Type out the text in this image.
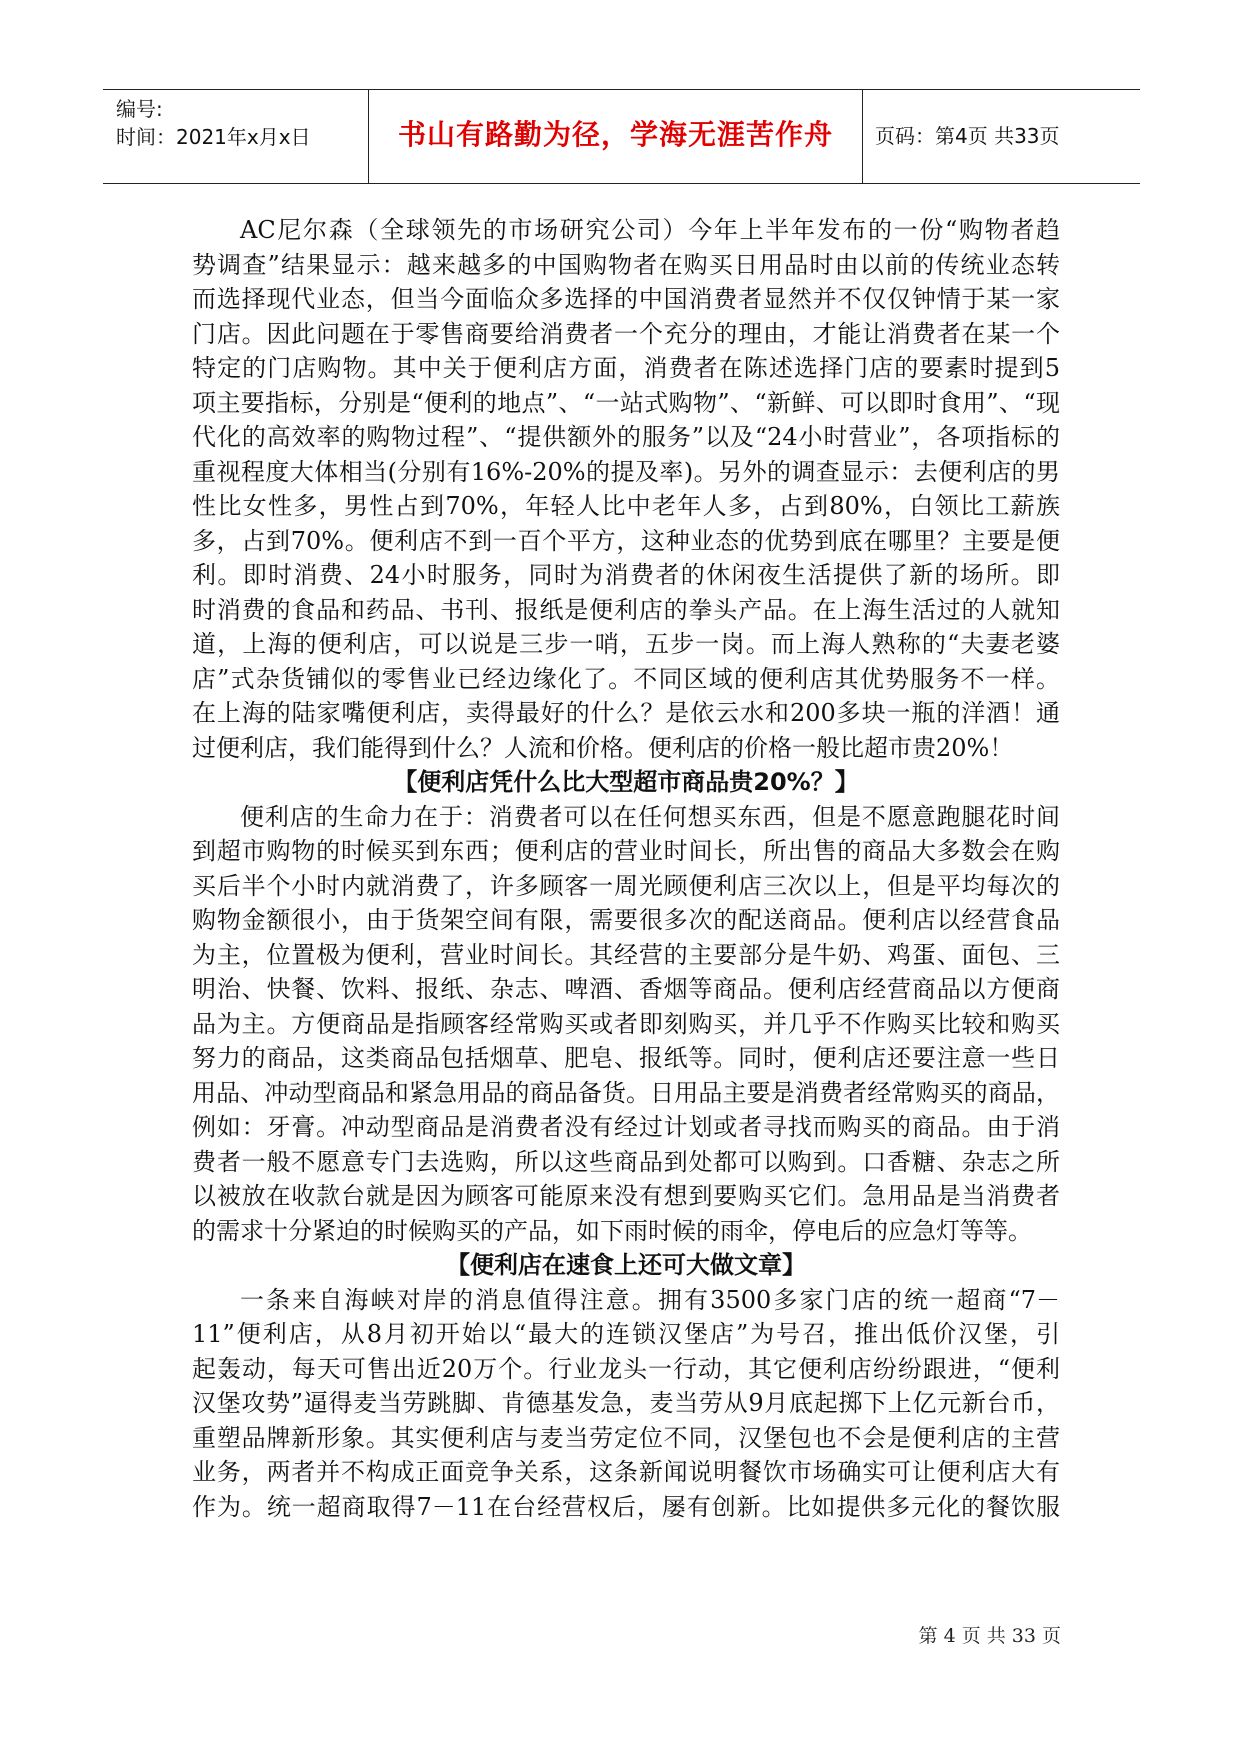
编号:
时间：2021年x月x日	书山有路勤为径，学海无涯苦作舟	页码：第4页 共33页
AC尼尔森（全球领先的市场研究公司）今年上半年发布的一份“购物者趋
势调查”结果显示：越来越多的中国购物者在购买日用品时由以前的传统业态转
而选择现代业态，但当今面临众多选择的中国消费者显然并不仅仅钟情于某一家
门店。因此问题在于零售商要给消费者一个充分的理由，才能让消费者在某一个
特定的门店购物。其中关于便利店方面，消费者在陈述选择门店的要素时提到5
项主要指标，分别是“便利的地点”、“一站式购物”、“新鲜、可以即时食用”、“现
代化的高效率的购物过程”、“提供额外的服务”以及“24小时营业”，各项指标的
重视程度大体相当(分别有16%-20%的提及率)。另外的调查显示：去便利店的男
性比女性多，男性占到70%，年轻人比中老年人多，占到80%，白领比工薪族
多，占到70%。便利店不到一百个平方，这种业态的优势到底在哪里？主要是便
利。即时消费、24小时服务，同时为消费者的休闲夜生活提供了新的场所。即
时消费的食品和药品、书刊、报纸是便利店的拳头产品。在上海生活过的人就知
道，上海的便利店，可以说是三步一哨，五步一岗。而上海人熟称的“夫妻老婆
店”式杂货铺似的零售业已经边缘化了。不同区域的便利店其优势服务不一样。
在上海的陆家嘴便利店，卖得最好的什么？是依云水和200多块一瓶的洋酒！通
过便利店，我们能得到什么？人流和价格。便利店的价格一般比超市贵20%！
【便利店凭什么比大型超市商品贵20%？】
便利店的生命力在于：消费者可以在任何想买东西，但是不愿意跑腿花时间
到超市购物的时候买到东西；便利店的营业时间长，所出售的商品大多数会在购
买后半个小时内就消费了，许多顾客一周光顾便利店三次以上，但是平均每次的
购物金额很小，由于货架空间有限，需要很多次的配送商品。便利店以经营食品
为主，位置极为便利，营业时间长。其经营的主要部分是牛奶、鸡蛋、面包、三
明治、快餐、饮料、报纸、杂志、啤酒、香烟等商品。便利店经营商品以方便商
品为主。方便商品是指顾客经常购买或者即刻购买，并几乎不作购买比较和购买
努力的商品，这类商品包括烟草、肥皂、报纸等。同时，便利店还要注意一些日
用品、冲动型商品和紧急用品的商品备货。日用品主要是消费者经常购买的商品，
例如：牙膏。冲动型商品是消费者没有经过计划或者寻找而购买的商品。由于消
费者一般不愿意专门去选购，所以这些商品到处都可以购到。口香糖、杂志之所
以被放在收款台就是因为顾客可能原来没有想到要购买它们。急用品是当消费者
的需求十分紧迫的时候购买的产品，如下雨时候的雨伞，停电后的应急灯等等。
【便利店在速食上还可大做文章】
一条来自海峡对岸的消息值得注意。拥有3500多家门店的统一超商“7－
11”便利店，从8月初开始以“最大的连锁汉堡店”为号召，推出低价汉堡，引
起轰动，每天可售出近20万个。行业龙头一行动，其它便利店纷纷跟进，“便利
汉堡攻势”逼得麦当劳跳脚、肯德基发急，麦当劳从9月底起掷下上亿元新台币，
重塑品牌新形象。其实便利店与麦当劳定位不同，汉堡包也不会是便利店的主营
业务，两者并不构成正面竞争关系，这条新闻说明餐饮市场确实可让便利店大有
作为。统一超商取得7－11在台经营权后，屡有创新。比如提供多元化的餐饮服
第 4 页 共 33 页
